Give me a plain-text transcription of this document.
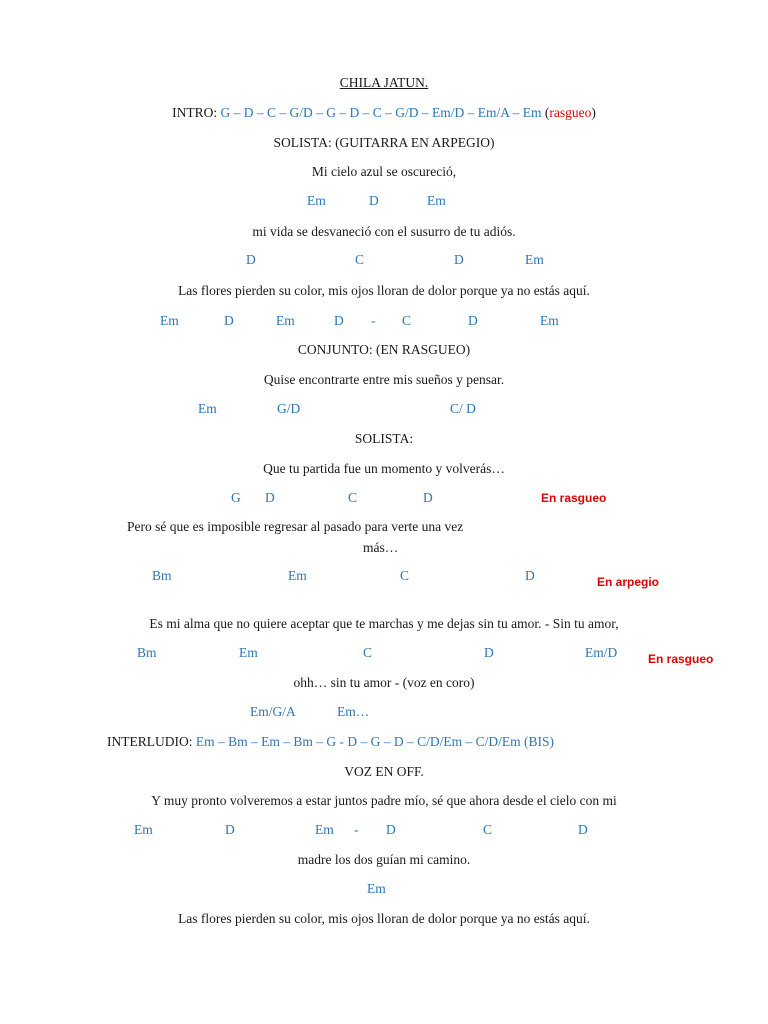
CHILA JATUN.
INTRO: G – D – C – G/D – G – D – C – G/D – Em/D – Em/A – Em (rasgueo)
SOLISTA: (GUITARRA EN ARPEGIO)
Mi cielo azul se oscureció,
Em	D	Em
mi vida se desvaneció con el susurro de tu adiós.
D	C	D	Em
Las flores pierden su color, mis ojos lloran de dolor porque ya no estás aquí.
Em	D	Em	D - C	D	Em
CONJUNTO: (EN RASGUEO)
Quise encontrarte entre mis sueños y pensar.
Em	G/D	C/ D
SOLISTA:
Que tu partida fue un momento y volverás…
G D	C	D	En rasgueo
Pero sé que es imposible regresar al pasado para verte una vez
más…
Bm	Em	C	D	En arpegio
Es mi alma que no quiere aceptar que te marchas y me dejas sin tu amor. - Sin tu amor,
Bm	Em	C	D	Em/D	En rasgueo
ohh… sin tu amor - (voz en coro)
Em/G/A	Em…
INTERLUDIO: Em – Bm – Em – Bm – G - D – G – D – C/D/Em – C/D/Em (BIS)
VOZ EN OFF.
Y muy pronto volveremos a estar juntos padre mío, sé que ahora desde el cielo con mi
Em	D	Em - D	C	D
madre los dos guían mi camino.
Em
Las flores pierden su color, mis ojos lloran de dolor porque ya no estás aquí.
